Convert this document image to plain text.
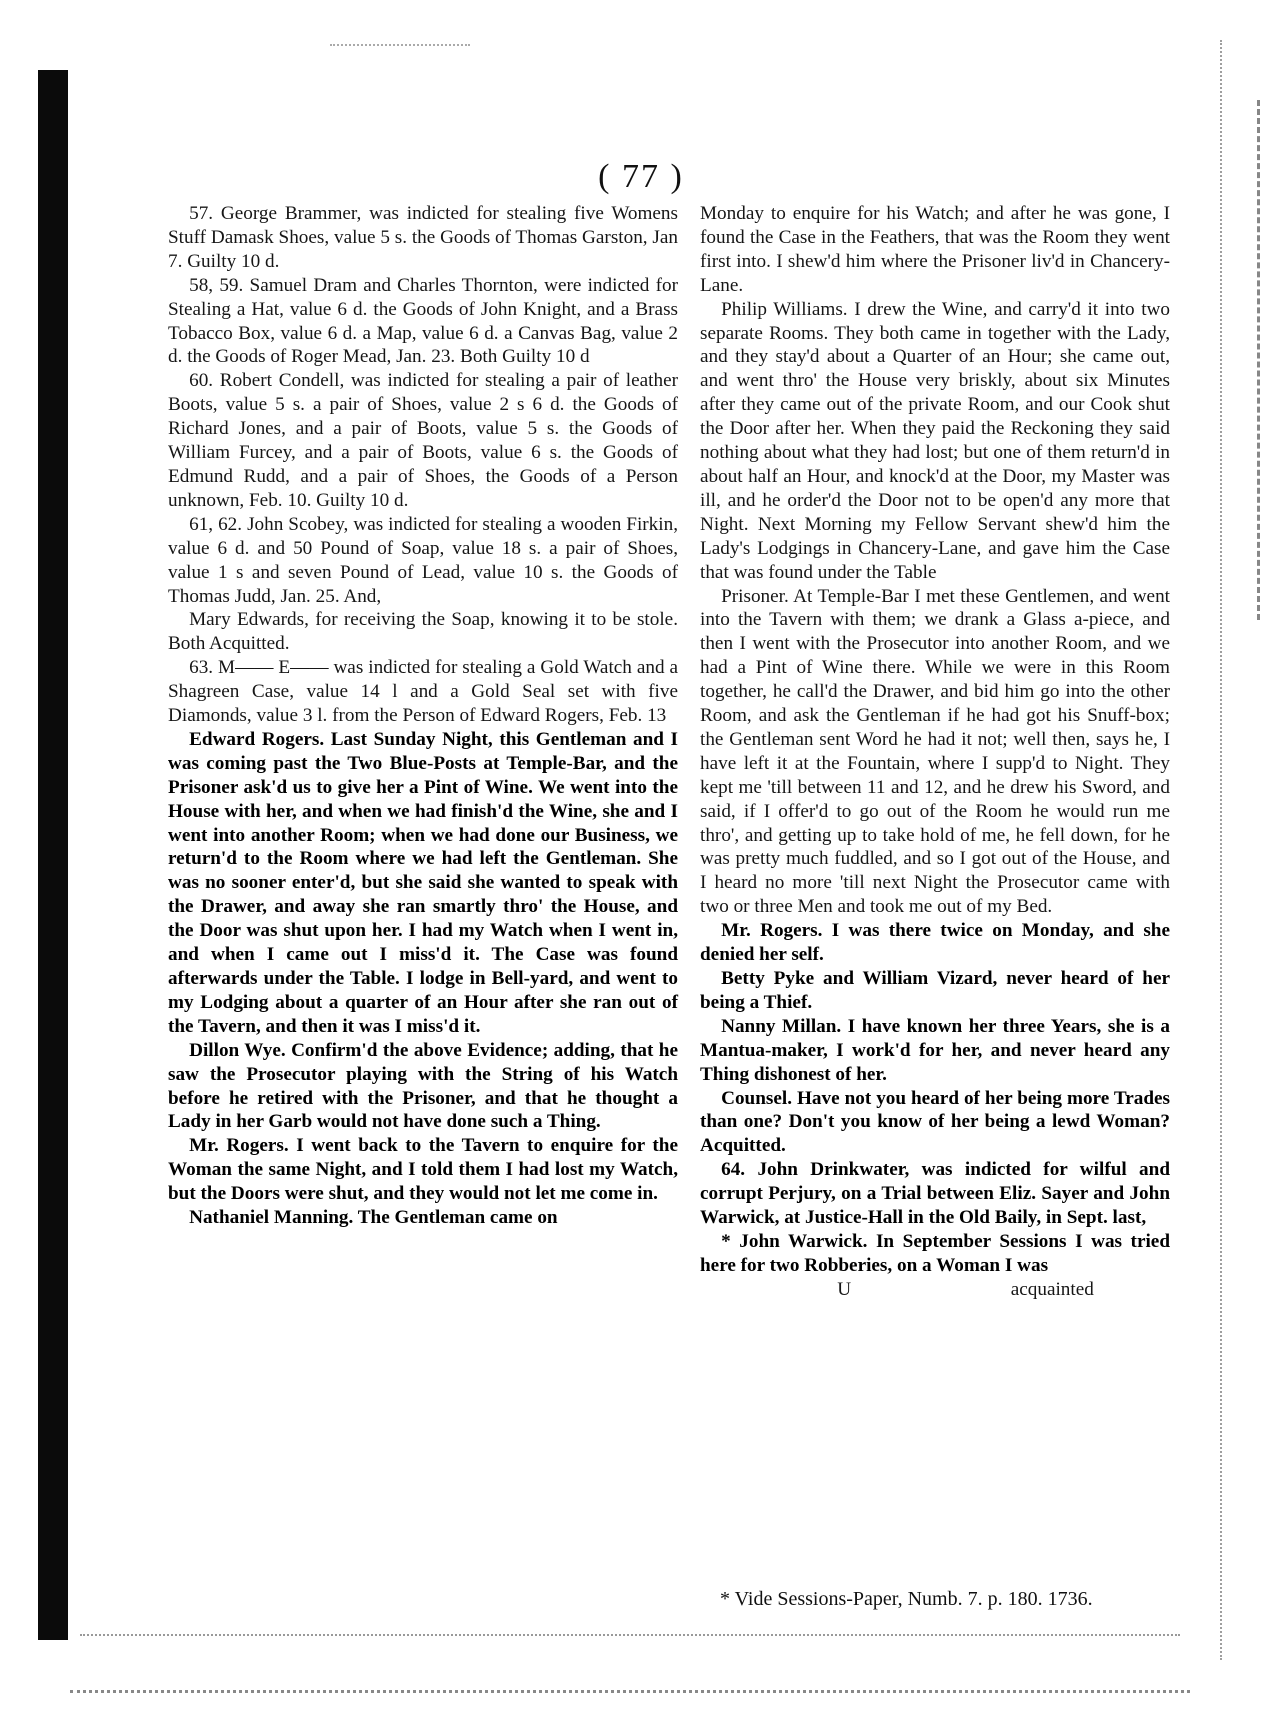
( 77 )

57. George Brammer, was indicted for stealing five Womens Stuff Damask Shoes, value 5 s. the Goods of Thomas Garston, Jan 7. Guilty 10 d.

58, 59. Samuel Dram and Charles Thornton, were indicted for Stealing a Hat, value 6 d. the Goods of John Knight, and a Brass Tobacco Box, value 6 d. a Map, value 6 d. a Canvas Bag, value 2 d. the Goods of Roger Mead, Jan. 23. Both Guilty 10 d

60. Robert Condell, was indicted for stealing a pair of leather Boots, value 5 s. a pair of Shoes, value 2 s 6 d. the Goods of Richard Jones, and a pair of Boots, value 5 s. the Goods of William Furcey, and a pair of Boots, value 6 s. the Goods of Edmund Rudd, and a pair of Shoes, the Goods of a Person unknown, Feb. 10. Guilty 10 d.

61, 62. John Scobey, was indicted for stealing a wooden Firkin, value 6 d. and 50 Pound of Soap, value 18 s. a pair of Shoes, value 1 s and seven Pound of Lead, value 10 s. the Goods of Thomas Judd, Jan. 25. And,

Mary Edwards, for receiving the Soap, knowing it to be stole. Both Acquitted.

63. M—— E—— was indicted for stealing a Gold Watch and a Shagreen Case, value 14 l and a Gold Seal set with five Diamonds, value 3 l. from the Person of Edward Rogers, Feb. 13

Edward Rogers. Last Sunday Night, this Gentleman and I was coming past the Two Blue-Posts at Temple-Bar, and the Prisoner ask'd us to give her a Pint of Wine. We went into the House with her, and when we had finish'd the Wine, she and I went into another Room; when we had done our Business, we return'd to the Room where we had left the Gentleman. She was no sooner enter'd, but she said she wanted to speak with the Drawer, and away she ran smartly thro' the House, and the Door was shut upon her. I had my Watch when I went in, and when I came out I miss'd it. The Case was found afterwards under the Table. I lodge in Bell-yard, and went to my Lodging about a quarter of an Hour after she ran out of the Tavern, and then it was I miss'd it.

Dillon Wye. Confirm'd the above Evidence; adding, that he saw the Prosecutor playing with the String of his Watch before he retired with the Prisoner, and that he thought a Lady in her Garb would not have done such a Thing.

Mr. Rogers. I went back to the Tavern to enquire for the Woman the same Night, and I told them I had lost my Watch, but the Doors were shut, and they would not let me come in.

Nathaniel Manning. The Gentleman came on

Monday to enquire for his Watch; and after he was gone, I found the Case in the Feathers, that was the Room they went first into. I shew'd him where the Prisoner liv'd in Chancery-Lane.

Philip Williams. I drew the Wine, and carry'd it into two separate Rooms. They both came in together with the Lady, and they stay'd about a Quarter of an Hour; she came out, and went thro' the House very briskly, about six Minutes after they came out of the private Room, and our Cook shut the Door after her. When they paid the Reckoning they said nothing about what they had lost; but one of them return'd in about half an Hour, and knock'd at the Door, my Master was ill, and he order'd the Door not to be open'd any more that Night. Next Morning my Fellow Servant shew'd him the Lady's Lodgings in Chancery-Lane, and gave him the Case that was found under the Table

Prisoner. At Temple-Bar I met these Gentlemen, and went into the Tavern with them; we drank a Glass a-piece, and then I went with the Prosecutor into another Room, and we had a Pint of Wine there. While we were in this Room together, he call'd the Drawer, and bid him go into the other Room, and ask the Gentleman if he had got his Snuff-box; the Gentleman sent Word he had it not; well then, says he, I have left it at the Fountain, where I supp'd to Night. They kept me 'till between 11 and 12, and he drew his Sword, and said, if I offer'd to go out of the Room he would run me thro', and getting up to take hold of me, he fell down, for he was pretty much fuddled, and so I got out of the House, and I heard no more 'till next Night the Prosecutor came with two or three Men and took me out of my Bed.

Mr. Rogers. I was there twice on Monday, and she denied her self.

Betty Pyke and William Vizard, never heard of her being a Thief.

Nanny Millan. I have known her three Years, she is a Mantua-maker, I work'd for her, and never heard any Thing dishonest of her.

Counsel. Have not you heard of her being more Trades than one? Don't you know of her being a lewd Woman? Acquitted.

64. John Drinkwater, was indicted for wilful and corrupt Perjury, on a Trial between Eliz. Sayer and John Warwick, at Justice-Hall in the Old Baily, in Sept. last,

* John Warwick. In September Sessions I was tried here for two Robberies, on a Woman I was

U	acquainted

* Vide Sessions-Paper, Numb. 7. p. 180. 1736.
